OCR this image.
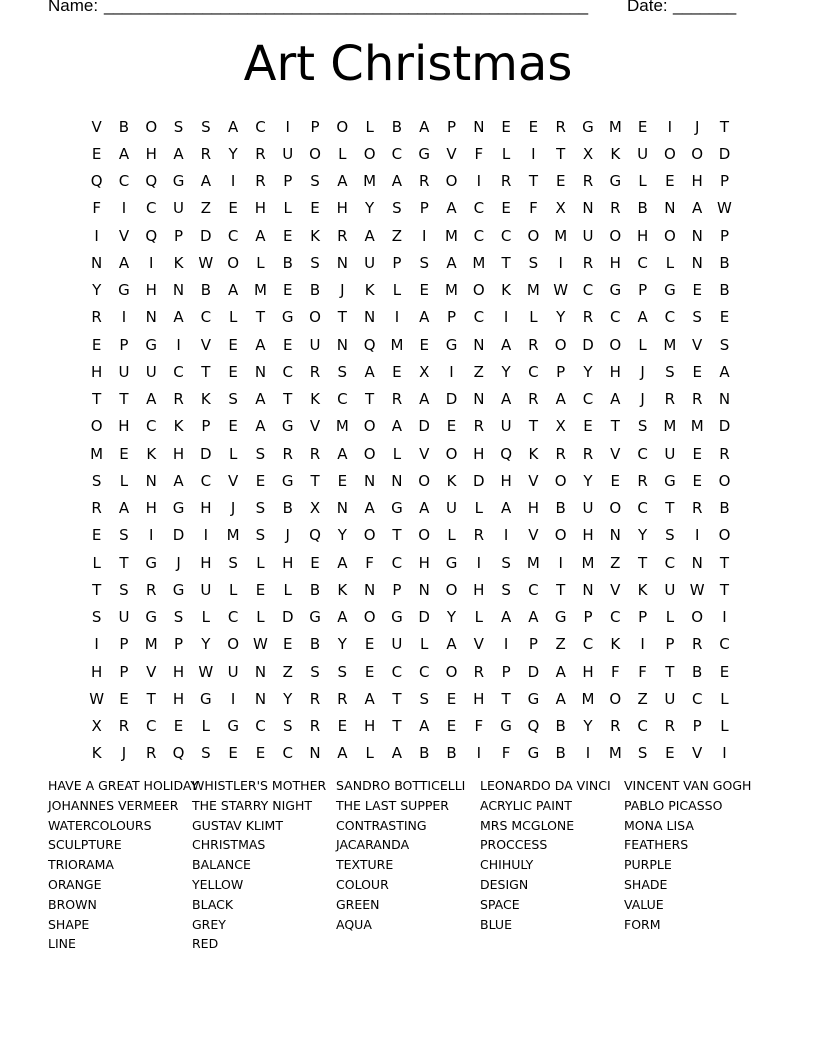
Name: ______________________________________________________ Date: _______
Art Christmas
V	B	O	S	S	A	C	I	P	O	L	B	A	P	N	E	E	R	G	M	E	I	J	T
E	A	H	A	R	Y	R	U	O	L	O	C	G	V	F	L	I	T	X	K	U	O	O	D
Q	C	Q	G	A	I	R	P	S	A	M	A	R	O	I	R	T	E	R	G	L	E	H	P
F	I	C	U	Z	E	H	L	E	H	Y	S	P	A	C	E	F	X	N	R	B	N	A W
I	V	Q	P	D	C	A	E	K	R	A	Z	I	M	C	C	O M	U	O	H	O	N	P
N	A	I	K W O	L	B	S	N	U	P	S	A	M	T	S	I	R	H	C	L	N	B
Y	G	H	N	B	A	M	E	B	J	K	L	E	M O	K	M W C	G	P	G	E	B
R	I	N	A	C	L	T	G	O	T	N	I	A	P	C	I	L	Y	R	C	A	C	S	E
E	P	G	I	V	E	A	E	U	N	Q M	E	G	N	A	R	O	D	O	L	M	V	S
H	U	U	C	T	E	N	C	R	S	A	E	X	I	Z	Y	C	P	Y	H	J	S	E	A
T	T	A	R	K	S	A	T	K	C	T	R	A	D	N	A	R	A	C	A	J	R	R	N
O	H	C	K	P	E	A	G	V	M O	A	D	E	R	U	T	X	E	T	S	M M	D
M	E	K	H	D	L	S	R	R	A	O	L	V	O	H	Q	K	R	R	V	C	U	E	R
S	L	N	A	C	V	E	G	T	E	N	N	O	K	D	H	V	O	Y	E	R	G	E	O
R	A	H	G	H	J	S	B	X	N	A	G	A	U	L	A	H	B	U	O	C	T	R	B
E	S	I	D	I	M	S	J	Q	Y	O	T	O	L	R	I	V	O	H	N	Y	S	I	O
L	T	G	J	H	S	L	H	E	A	F	C	H	G	I	S	M	I	M	Z	T	C	N	T
T	S	R	G	U	L	E	L	B	K	N	P	N	O	H	S	C	T	N	V	K	U W	T
S	U	G	S	L	C	L	D	G	A	O	G	D	Y	L	A	A	G	P	C	P	L	O	I
I	P	M	P	Y	O W	E	B	Y	E	U	L	A	V	I	P	Z	C	K	I	P	R	C
H	P	V	H W U	N	Z	S	S	E	C	C	O	R	P	D	A	H	F	F	T	B	E
W	E	T	H	G	I	N	Y	R	R	A	T	S	E	H	T	G	A	M O	Z	U	C	L
X	R	C	E	L	G	C	S	R	E	H	T	A	E	F	G	Q	B	Y	R	C	R	P	L
K	J	R	Q	S	E	E	C	N	A	L	A	B	B	I	F	G	B	I	M	S	E	V	I
HAVE A GREAT HOLIDAY
JOHANNES VERMEER
WATERCOLOURS
SCULPTURE
TRIORAMA
ORANGE
BROWN
SHAPE
LINE
WHISTLER'S MOTHER
THE STARRY NIGHT
GUSTAV KLIMT
CHRISTMAS
BALANCE
YELLOW
BLACK
GREY
RED
SANDRO BOTTICELLI
THE LAST SUPPER
CONTRASTING
JACARANDA
TEXTURE
COLOUR
GREEN
AQUA
LEONARDO DA VINCI
ACRYLIC PAINT
MRS MCGLONE
PROCCESS
CHIHULY
DESIGN
SPACE
BLUE
VINCENT VAN GOGH
PABLO PICASSO
MONA LISA
FEATHERS
PURPLE
SHADE
VALUE
FORM
